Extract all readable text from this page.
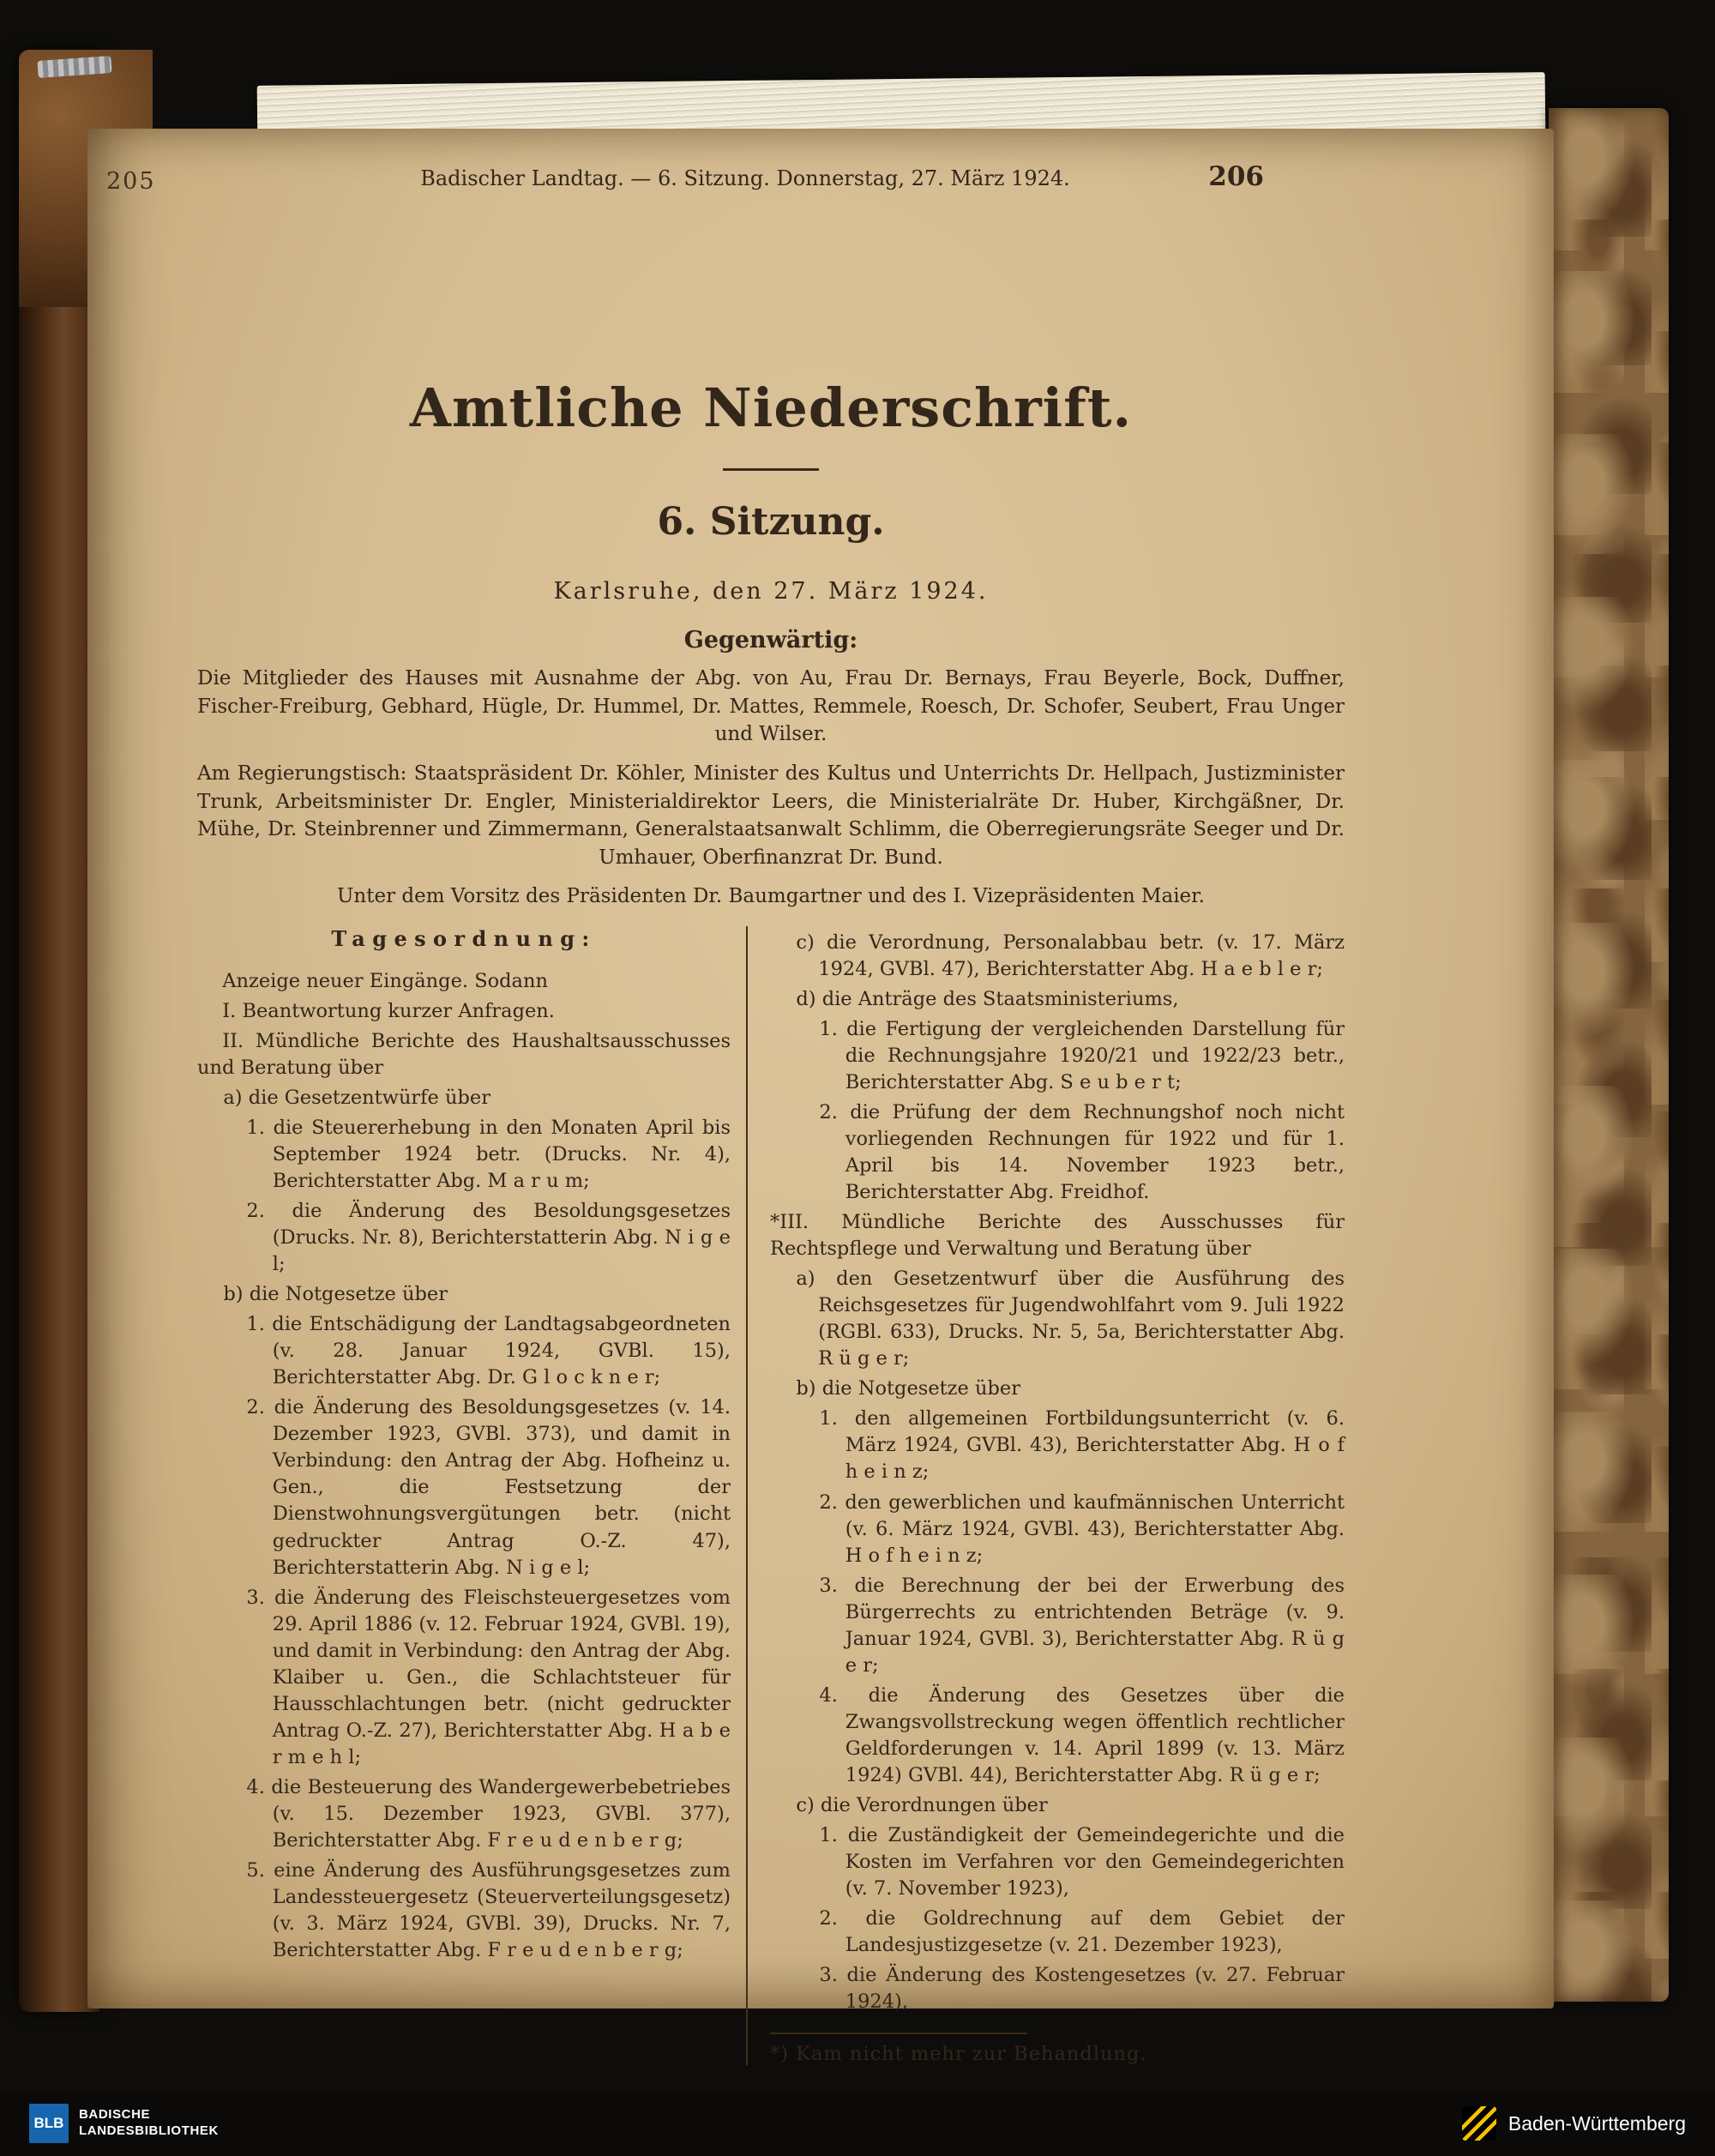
205	Badischer Landtag. — 6. Sitzung. Donnerstag, 27. März 1924.	206
Amtliche Niederschrift.
6. Sitzung.
Karlsruhe, den 27. März 1924.
Gegenwärtig:

Die Mitglieder des Hauses mit Ausnahme der Abg. von Au, Frau Dr. Bernays, Frau Beyerle, Bock, Duffner, Fischer-Freiburg, Gebhard, Hügle, Dr. Hummel, Dr. Mattes, Remmele, Roesch, Dr. Schofer, Seubert, Frau Unger und Wilser.

Am Regierungstisch: Staatspräsident Dr. Köhler, Minister des Kultus und Unterrichts Dr. Hellpach, Justizminister Trunk, Arbeitsminister Dr. Engler, Ministerialdirektor Leers, die Ministerialräte Dr. Huber, Kirchgäßner, Dr. Mühe, Dr. Steinbrenner und Zimmermann, Generalstaatsanwalt Schlimm, die Oberregierungsräte Seeger und Dr. Umhauer, Oberfinanzrat Dr. Bund.

Unter dem Vorsitz des Präsidenten Dr. Baumgartner und des I. Vizepräsidenten Maier.

Tagesordnung:

Anzeige neuer Eingänge. Sodann

I. Beantwortung kurzer Anfragen.

II. Mündliche Berichte des Haushaltsausschusses und Beratung über

a) die Gesetzentwürfe über

1. die Steuererhebung in den Monaten April bis September 1924 betr. (Drucks. Nr. 4), Berichterstatter Abg. M a r u m;

2. die Änderung des Besoldungsgesetzes (Drucks. Nr. 8), Berichterstatterin Abg. N i g e l;

b) die Notgesetze über

1. die Entschädigung der Landtagsabgeordneten (v. 28. Januar 1924, GVBl. 15), Berichterstatter Abg. Dr. G l o c k n e r;

2. die Änderung des Besoldungsgesetzes (v. 14. Dezember 1923, GVBl. 373), und damit in Verbindung: den Antrag der Abg. Hofheinz u. Gen., die Festsetzung der Dienstwohnungsvergütungen betr. (nicht gedruckter Antrag O.-Z. 47), Berichterstatterin Abg. N i g e l;

3. die Änderung des Fleischsteuergesetzes vom 29. April 1886 (v. 12. Februar 1924, GVBl. 19), und damit in Verbindung: den Antrag der Abg. Klaiber u. Gen., die Schlachtsteuer für Hausschlachtungen betr. (nicht gedruckter Antrag O.-Z. 27), Berichterstatter Abg. H a b e r m e h l;

4. die Besteuerung des Wandergewerbebetriebes (v. 15. Dezember 1923, GVBl. 377), Berichterstatter Abg. F r e u d e n b e r g;

5. eine Änderung des Ausführungsgesetzes zum Landessteuergesetz (Steuerverteilungsgesetz) (v. 3. März 1924, GVBl. 39), Drucks. Nr. 7, Berichterstatter Abg. F r e u d e n b e r g;

c) die Verordnung, Personalabbau betr. (v. 17. März 1924, GVBl. 47), Berichterstatter Abg. H a e b l e r;

d) die Anträge des Staatsministeriums,

1. die Fertigung der vergleichenden Darstellung für die Rechnungsjahre 1920/21 und 1922/23 betr., Berichterstatter Abg. S e u b e r t;

2. die Prüfung der dem Rechnungshof noch nicht vorliegenden Rechnungen für 1922 und für 1. April bis 14. November 1923 betr., Berichterstatter Abg. Freidhof.

*III. Mündliche Berichte des Ausschusses für Rechtspflege und Verwaltung und Beratung über

a) den Gesetzentwurf über die Ausführung des Reichsgesetzes für Jugendwohlfahrt vom 9. Juli 1922 (RGBl. 633), Drucks. Nr. 5, 5a, Berichterstatter Abg. R ü g e r;

b) die Notgesetze über

1. den allgemeinen Fortbildungsunterricht (v. 6. März 1924, GVBl. 43), Berichterstatter Abg. H o f h e i n z;

2. den gewerblichen und kaufmännischen Unterricht (v. 6. März 1924, GVBl. 43), Berichterstatter Abg. H o f h e i n z;

3. die Berechnung der bei der Erwerbung des Bürgerrechts zu entrichtenden Beträge (v. 9. Januar 1924, GVBl. 3), Berichterstatter Abg. R ü g e r;

4. die Änderung des Gesetzes über die Zwangsvollstreckung wegen öffentlich rechtlicher Geldforderungen v. 14. April 1899 (v. 13. März 1924) GVBl. 44), Berichterstatter Abg. R ü g e r;

c) die Verordnungen über

1. die Zuständigkeit der Gemeindegerichte und die Kosten im Verfahren vor den Gemeindegerichten (v. 7. November 1923),

2. die Goldrechnung auf dem Gebiet der Landesjustizgesetze (v. 21. Dezember 1923),

3. die Änderung des Kostengesetzes (v. 27. Februar 1924),

*) Kam nicht mehr zur Behandlung.

BLB
BADISCHE
LANDESBIBLIOTHEK	Baden-Württemberg
